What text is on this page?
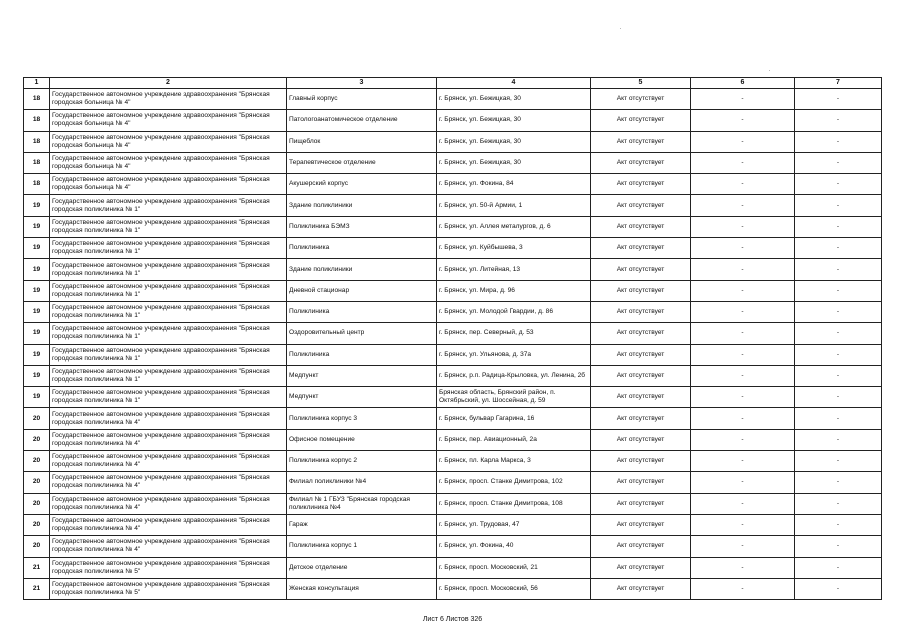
1	2	3	4	5	6	7
18	Государственное автономное учреждение здравоохранения "Брянская городская больница № 4"	Главный корпус	г. Брянск, ул. Бежицкая, 30	Акт отсутствует	-	-
18	Государственное автономное учреждение здравоохранения "Брянская городская больница № 4"	Патологоанатомическое отделение	г. Брянск, ул. Бежицкая, 30	Акт отсутствует	-	-
18	Государственное автономное учреждение здравоохранения "Брянская городская больница № 4"	Пищеблок	г. Брянск, ул. Бежицкая, 30	Акт отсутствует	-	-
18	Государственное автономное учреждение здравоохранения "Брянская городская больница № 4"	Терапевтическое отделение	г. Брянск, ул. Бежицкая, 30	Акт отсутствует	-	-
18	Государственное автономное учреждение здравоохранения "Брянская городская больница № 4"	Акушерский корпус	г. Брянск, ул. Фокина, 84	Акт отсутствует	-	-
19	Государственное автономное учреждение здравоохранения "Брянская городская поликлиника № 1"	Здание поликлиники	г. Брянск, ул. 50-й Армии, 1	Акт отсутствует	-	-
19	Государственное автономное учреждение здравоохранения "Брянская городская поликлиника № 1"	Поликлиника БЭМЗ	г. Брянск, ул. Аллея металургов, д. 6	Акт отсутствует	-	-
19	Государственное автономное учреждение здравоохранения "Брянская городская поликлиника № 1"	Поликлиника	г. Брянск, ул. Куйбышева, 3	Акт отсутствует	-	-
19	Государственное автономное учреждение здравоохранения "Брянская городская поликлиника № 1"	Здание поликлиники	г. Брянск, ул. Литейная, 13	Акт отсутствует	-	-
19	Государственное автономное учреждение здравоохранения "Брянская городская поликлиника № 1"	Дневной стационар	г. Брянск, ул. Мира, д. 96	Акт отсутствует	-	-
19	Государственное автономное учреждение здравоохранения "Брянская городская поликлиника № 1"	Поликлиника	г. Брянск, ул. Молодой Гвардии, д. 86	Акт отсутствует	-	-
19	Государственное автономное учреждение здравоохранения "Брянская городская поликлиника № 1"	Оздоровительный центр	г. Брянск, пер. Северный, д. 53	Акт отсутствует	-	-
19	Государственное автономное учреждение здравоохранения "Брянская городская поликлиника № 1"	Поликлиника	г. Брянск, ул. Ульянова, д. 37а	Акт отсутствует	-	-
19	Государственное автономное учреждение здравоохранения "Брянская городская поликлиника № 1"	Медпункт	г. Брянск, р.п. Радица-Крыловка, ул. Ленина, 2б	Акт отсутствует	-	-
19	Государственное автономное учреждение здравоохранения "Брянская городская поликлиника № 1"	Медпункт	Брянская область, Брянский район, п. Октябрьский, ул. Шоссейная, д. 59	Акт отсутствует	-	-
20	Государственное автономное учреждение здравоохранения "Брянская городская поликлиника № 4"	Поликлиника корпус 3	г. Брянск, бульвар Гагарина, 16	Акт отсутствует	-	-
20	Государственное автономное учреждение здравоохранения "Брянская городская поликлиника № 4"	Офисное помещение	г. Брянск, пер. Авиационный, 2а	Акт отсутствует	-	-
20	Государственное автономное учреждение здравоохранения "Брянская городская поликлиника № 4"	Поликлиника корпус 2	г. Брянск, пл. Карла Маркса, 3	Акт отсутствует	-	-
20	Государственное автономное учреждение здравоохранения "Брянская городская поликлиника № 4"	Филиал поликлиники №4	г. Брянск, просп. Станке Димитрова, 102	Акт отсутствует	-	-
20	Государственное автономное учреждение здравоохранения "Брянская городская поликлиника № 4"	Филиал № 1 ГБУЗ "Брянская городская поликлиника №4	г. Брянск, просп. Станке Димитрова, 108	Акт отсутствует	-	-
20	Государственное автономное учреждение здравоохранения "Брянская городская поликлиника № 4"	Гараж	г. Брянск, ул. Трудовая, 47	Акт отсутствует	-	-
20	Государственное автономное учреждение здравоохранения "Брянская городская поликлиника № 4"	Поликлиника корпус 1	г. Брянск, ул. Фокина, 40	Акт отсутствует	-	-
21	Государственное автономное учреждение здравоохранения "Брянская городская поликлиника № 5"	Детское отделение	г. Брянск, просп. Московский, 21	Акт отсутствует	-	-
21	Государственное автономное учреждение здравоохранения "Брянская городская поликлиника № 5"	Женская консультация	г. Брянск, просп. Московский, 56	Акт отсутствует	-	-
Лист 6 Листов 326
